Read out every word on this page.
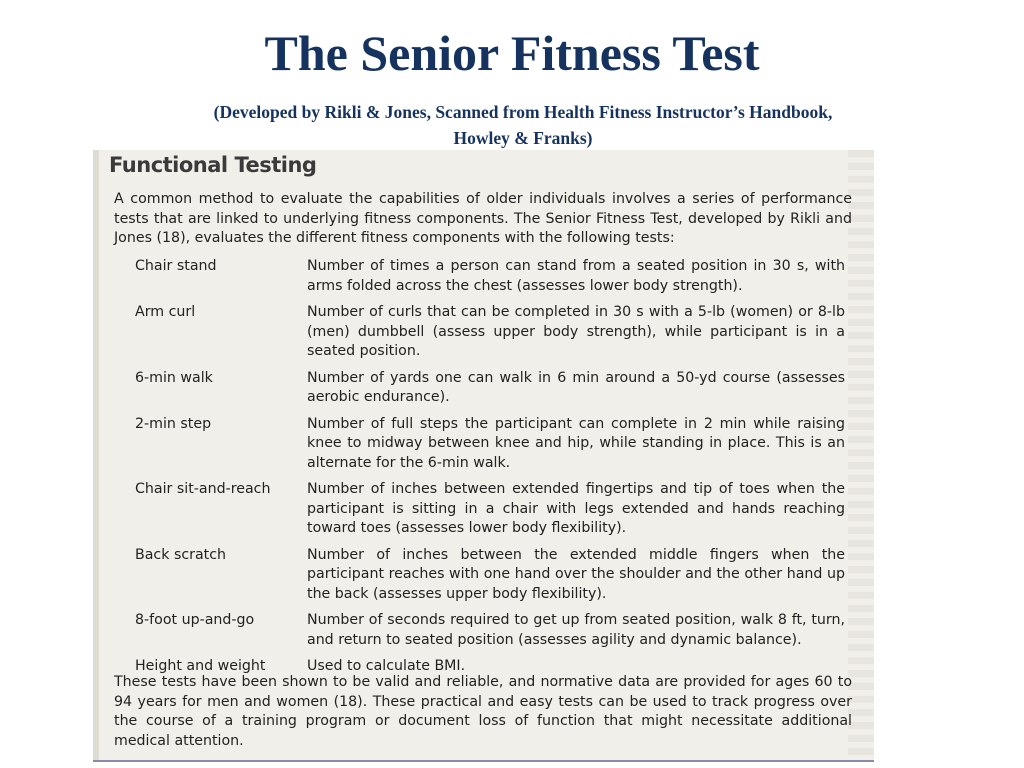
The Senior Fitness Test
(Developed by Rikli & Jones, Scanned from Health Fitness Instructor’s Handbook,
Howley & Franks)
Functional Testing

A common method to evaluate the capabilities of older individuals involves a series of performance tests that are linked to underlying fitness components. The Senior Fitness Test, developed by Rikli and Jones (18), evaluates the different fitness components with the following tests:

Chair stand	Number of times a person can stand from a seated position in 30 s, with arms folded across the chest (assesses lower body strength).
Arm curl	Number of curls that can be completed in 30 s with a 5-lb (women) or 8-lb (men) dumbbell (assess upper body strength), while participant is in a seated position.
6-min walk	Number of yards one can walk in 6 min around a 50-yd course (assesses aerobic endurance).
2-min step	Number of full steps the participant can complete in 2 min while raising knee to midway between knee and hip, while standing in place. This is an alternate for the 6-min walk.
Chair sit-and-reach	Number of inches between extended fingertips and tip of toes when the participant is sitting in a chair with legs extended and hands reaching toward toes (assesses lower body flexibility).
Back scratch	Number of inches between the extended middle fingers when the participant reaches with one hand over the shoulder and the other hand up the back (assesses upper body flexibility).
8-foot up-and-go	Number of seconds required to get up from seated position, walk 8 ft, turn, and return to seated position (assesses agility and dynamic balance).
Height and weight	Used to calculate BMI.

These tests have been shown to be valid and reliable, and normative data are provided for ages 60 to 94 years for men and women (18). These practical and easy tests can be used to track progress over the course of a training program or document loss of function that might necessitate additional medical attention.
